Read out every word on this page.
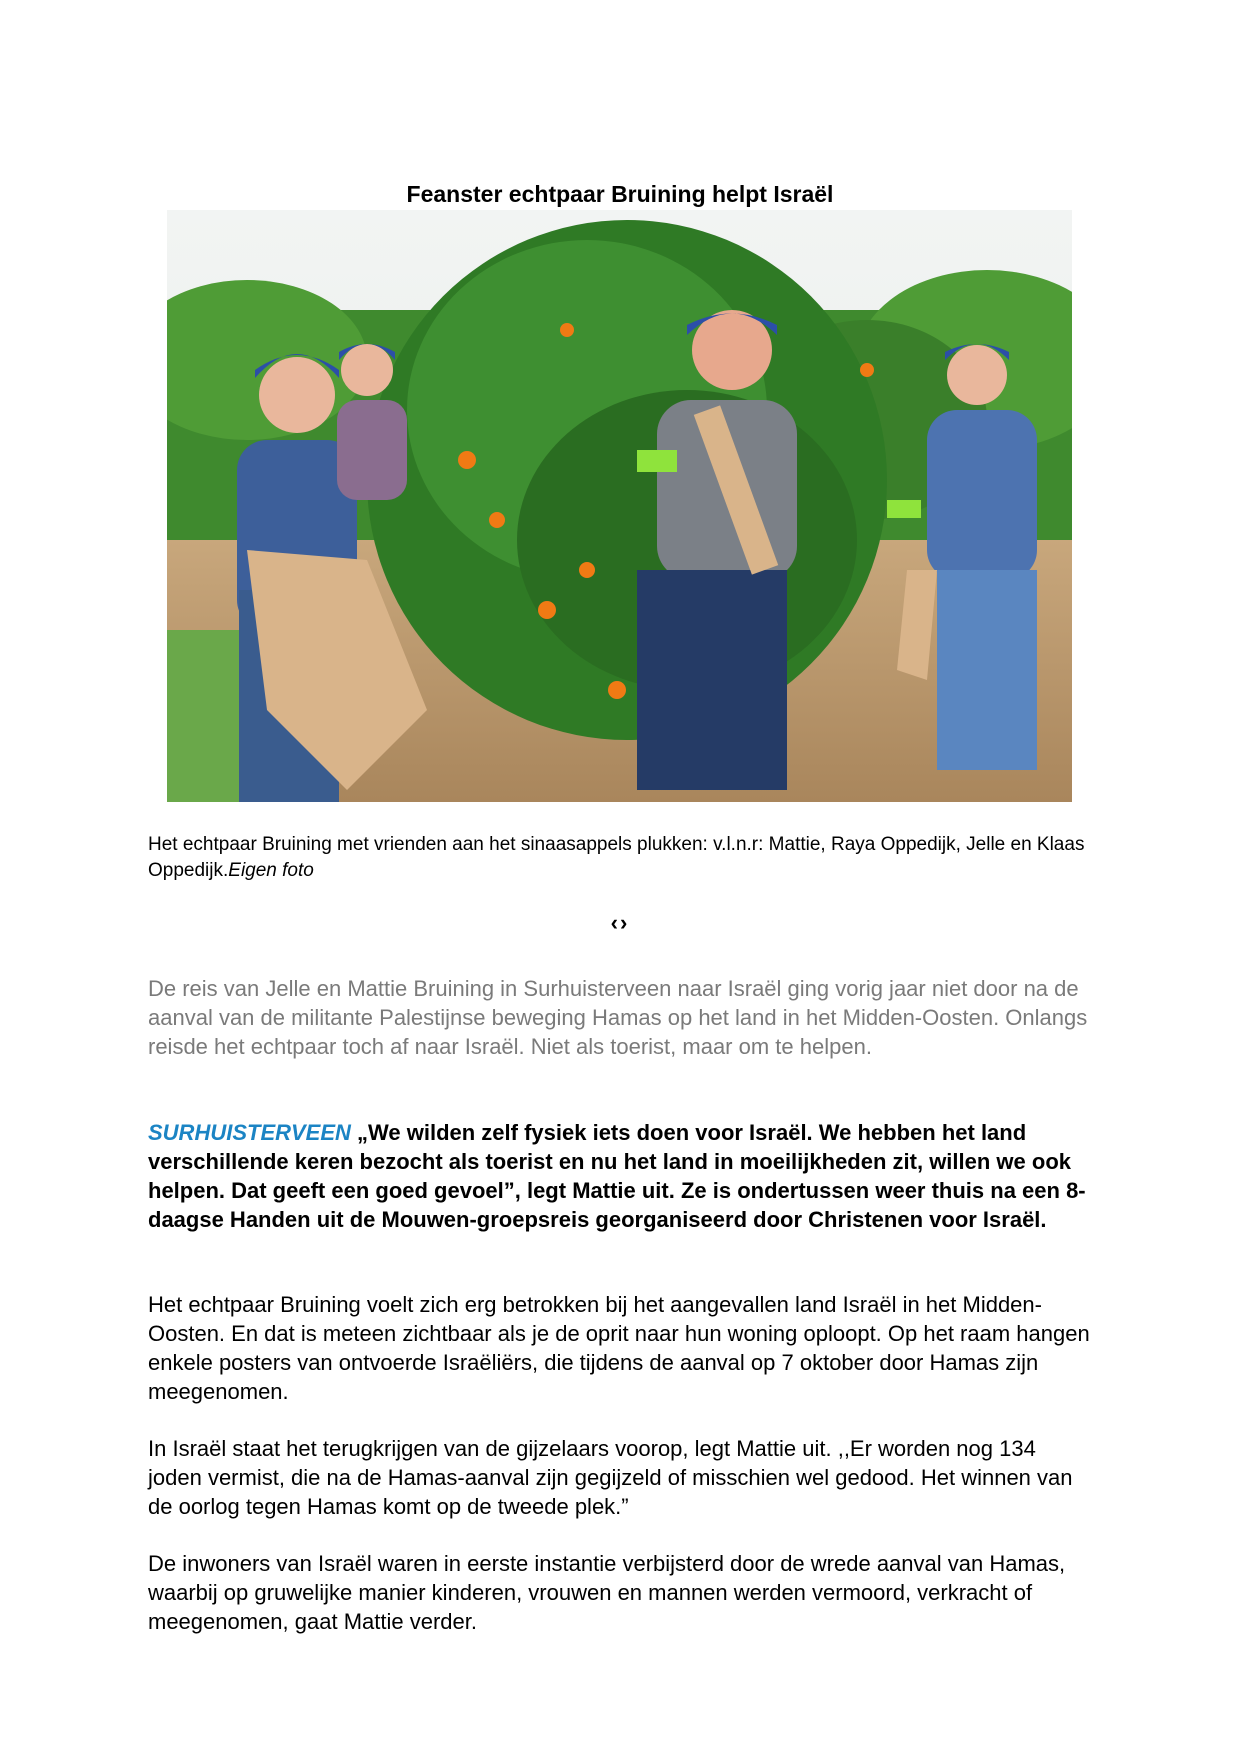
Feanster echtpaar Bruining helpt Israël
Het echtpaar Bruining met vrienden aan het sinaasappels plukken: v.l.n.r: Mattie, Raya Oppedijk, Jelle en Klaas Oppedijk.Eigen foto
‹›
De reis van Jelle en Mattie Bruining in Surhuisterveen naar Israël ging vorig jaar niet door na de aanval van de militante Palestijnse beweging Hamas op het land in het Midden-Oosten. Onlangs reisde het echtpaar toch af naar Israël. Niet als toerist, maar om te helpen.
SURHUISTERVEEN „We wilden zelf fysiek iets doen voor Israël. We hebben het land verschillende keren bezocht als toerist en nu het land in moeilijkheden zit, willen we ook helpen. Dat geeft een goed gevoel”, legt Mattie uit. Ze is ondertussen weer thuis na een 8-daagse Handen uit de Mouwen-groepsreis georganiseerd door Christenen voor Israël.
Het echtpaar Bruining voelt zich erg betrokken bij het aangevallen land Israël in het Midden-Oosten. En dat is meteen zichtbaar als je de oprit naar hun woning oploopt. Op het raam hangen enkele posters van ontvoerde Israëliërs, die tijdens de aanval op 7 oktober door Hamas zijn meegenomen.
In Israël staat het terugkrijgen van de gijzelaars voorop, legt Mattie uit. ,,Er worden nog 134 joden vermist, die na de Hamas-aanval zijn gegijzeld of misschien wel gedood. Het winnen van de oorlog tegen Hamas komt op de tweede plek.”
De inwoners van Israël waren in eerste instantie verbijsterd door de wrede aanval van Hamas, waarbij op gruwelijke manier kinderen, vrouwen en mannen werden vermoord, verkracht of meegenomen, gaat Mattie verder.
